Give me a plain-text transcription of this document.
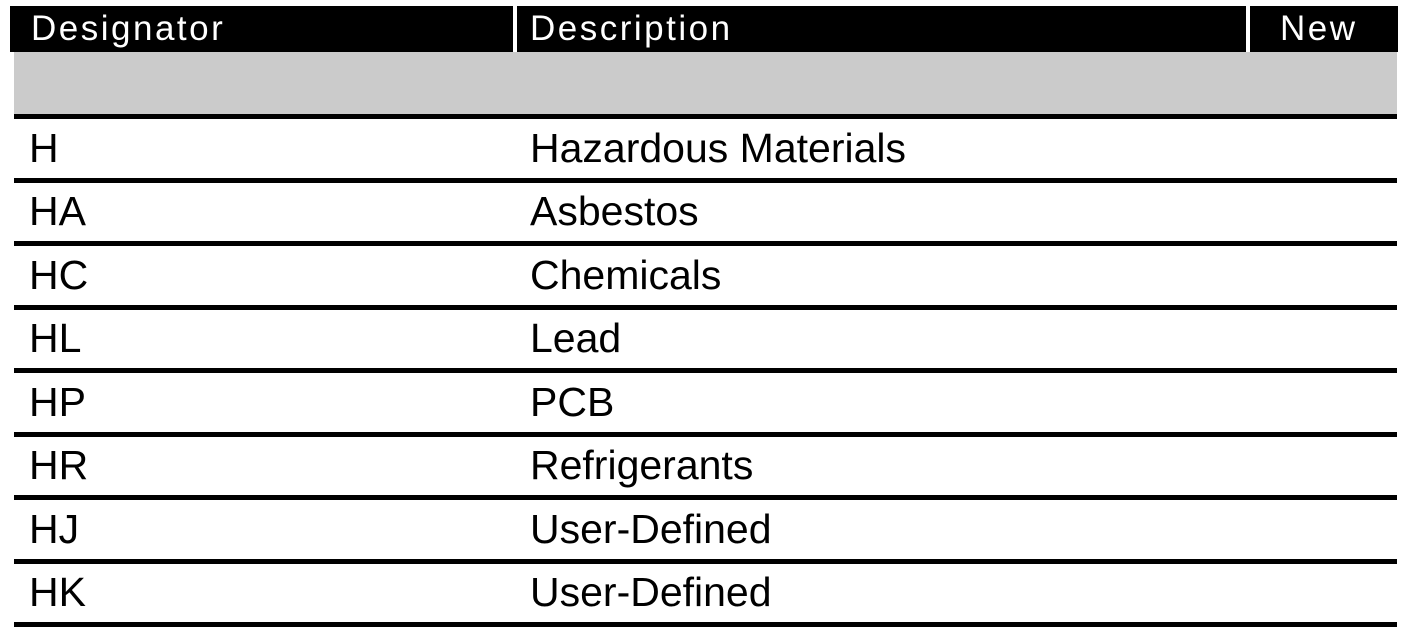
Designator	Description	New
H	Hazardous Materials
HA	Asbestos
HC	Chemicals
HL	Lead
HP	PCB
HR	Refrigerants
HJ	User-Defined
HK	User-Defined
